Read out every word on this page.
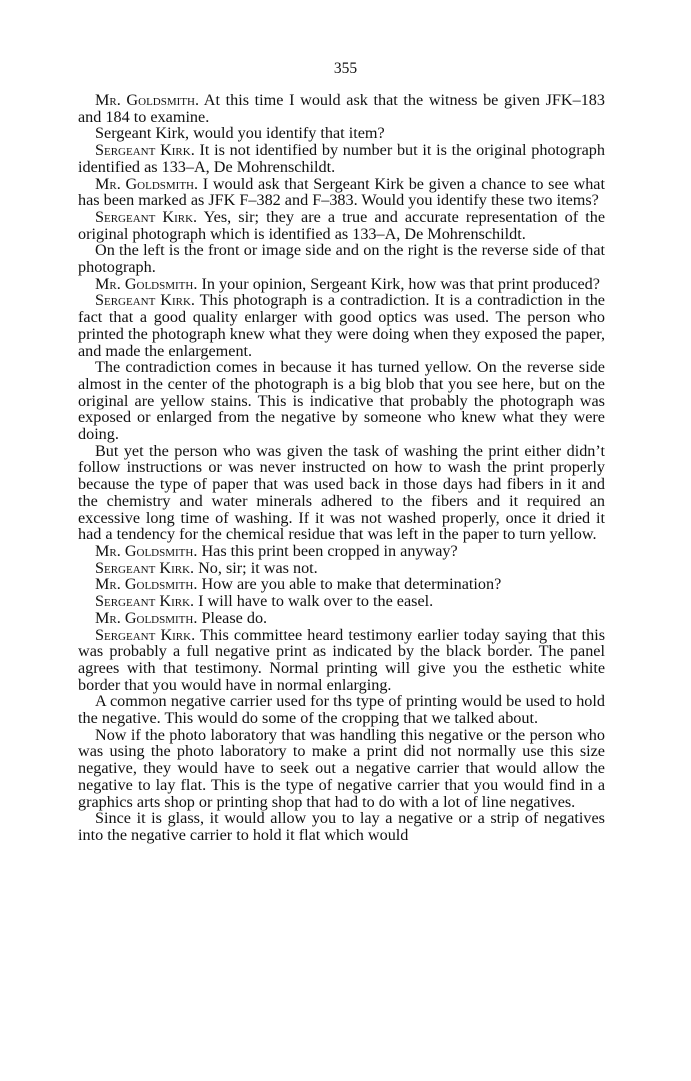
355

Mr. Goldsmith. At this time I would ask that the witness be given JFK–183 and 184 to examine.

Sergeant Kirk, would you identify that item?

Sergeant Kirk. It is not identified by number but it is the original photograph identified as 133–A, De Mohrenschildt.

Mr. Goldsmith. I would ask that Sergeant Kirk be given a chance to see what has been marked as JFK F–382 and F–383. Would you identify these two items?

Sergeant Kirk. Yes, sir; they are a true and accurate representation of the original photograph which is identified as 133–A, De Mohrenschildt.

On the left is the front or image side and on the right is the reverse side of that photograph.

Mr. Goldsmith. In your opinion, Sergeant Kirk, how was that print produced?

Sergeant Kirk. This photograph is a contradiction. It is a contradiction in the fact that a good quality enlarger with good optics was used. The person who printed the photograph knew what they were doing when they exposed the paper, and made the enlargement.

The contradiction comes in because it has turned yellow. On the reverse side almost in the center of the photograph is a big blob that you see here, but on the original are yellow stains. This is indicative that probably the photograph was exposed or enlarged from the negative by someone who knew what they were doing.

But yet the person who was given the task of washing the print either didn’t follow instructions or was never instructed on how to wash the print properly because the type of paper that was used back in those days had fibers in it and the chemistry and water minerals adhered to the fibers and it required an excessive long time of washing. If it was not washed properly, once it dried it had a tendency for the chemical residue that was left in the paper to turn yellow.

Mr. Goldsmith. Has this print been cropped in anyway?

Sergeant Kirk. No, sir; it was not.

Mr. Goldsmith. How are you able to make that determination?

Sergeant Kirk. I will have to walk over to the easel.

Mr. Goldsmith. Please do.

Sergeant Kirk. This committee heard testimony earlier today saying that this was probably a full negative print as indicated by the black border. The panel agrees with that testimony. Normal printing will give you the esthetic white border that you would have in normal enlarging.

A common negative carrier used for ths type of printing would be used to hold the negative. This would do some of the cropping that we talked about.

Now if the photo laboratory that was handling this negative or the person who was using the photo laboratory to make a print did not normally use this size negative, they would have to seek out a negative carrier that would allow the negative to lay flat. This is the type of negative carrier that you would find in a graphics arts shop or printing shop that had to do with a lot of line negatives.

Since it is glass, it would allow you to lay a negative or a strip of negatives into the negative carrier to hold it flat which would
